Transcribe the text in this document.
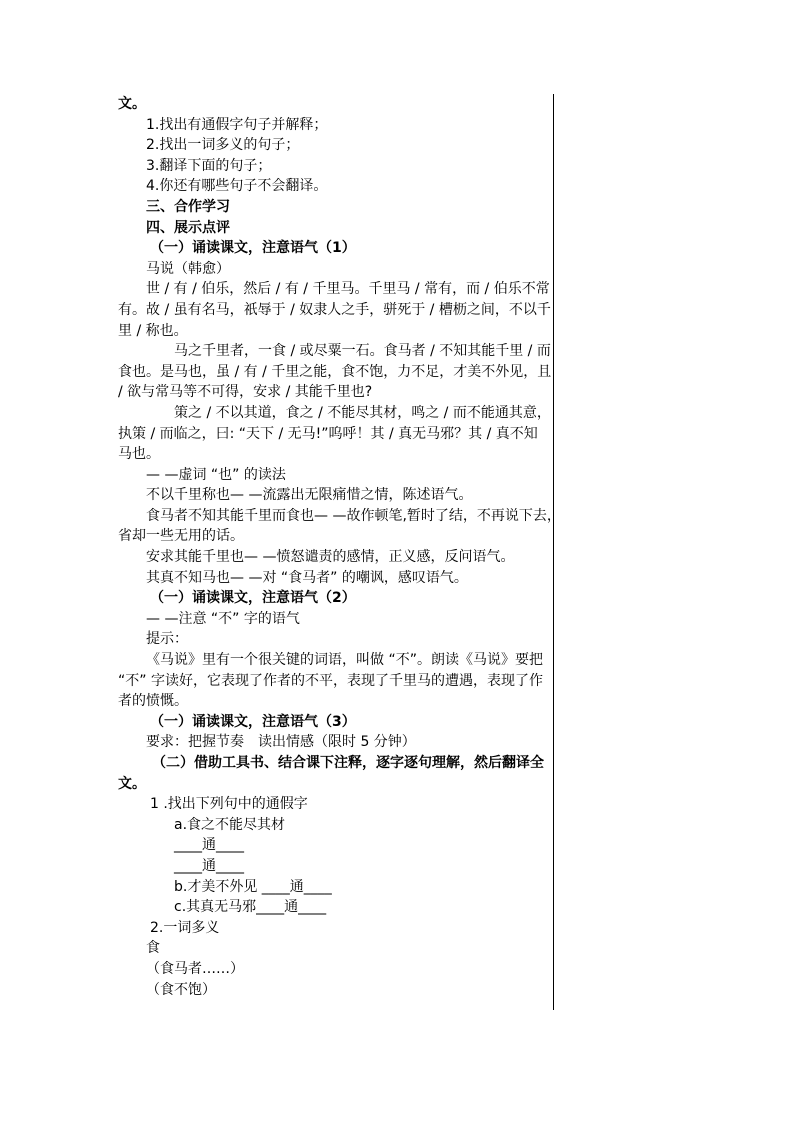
文。
1.找出有通假字句子并解释；
2.找出一词多义的句子；
3.翻译下面的句子；
4.你还有哪些句子不会翻译。
三、合作学习
四、展示点评
（一）诵读课文，注意语气（1）
马说（韩愈）
世 / 有 / 伯乐，然后 / 有 / 千里马。千里马 / 常有，而 / 伯乐不常
有。故 / 虽有名马，祇辱于 / 奴隶人之手，骈死于 / 槽枥之间，不以千
里 / 称也。
马之千里者，一食 / 或尽粟一石。食马者 / 不知其能千里 / 而
食也。是马也，虽 / 有 / 千里之能，食不饱，力不足，才美不外见，且
/ 欲与常马等不可得，安求 / 其能千里也?
策之 / 不以其道，食之 / 不能尽其材，鸣之 / 而不能通其意，
执策 / 而临之，曰: “天下 / 无马!”呜呼！其 / 真无马邪？其 / 真不知
马也。
— —虚词 “也” 的读法
不以千里称也— —流露出无限痛惜之情，陈述语气。
食马者不知其能千里而食也— —故作顿笔,暂时了结，不再说下去，
省却一些无用的话。
安求其能千里也— —愤怒谴责的感情，正义感，反问语气。
其真不知马也— —对 “食马者” 的嘲讽，感叹语气。
（一）诵读课文，注意语气（2）
— —注意 “不” 字的语气
提示：
《马说》里有一个很关键的词语，叫做 “不”。朗读《马说》要把
“不” 字读好，它表现了作者的不平，表现了千里马的遭遇，表现了作
者的愤慨。
（一）诵读课文，注意语气（3）
要求：把握节奏　读出情感（限时 5 分钟）
（二）借助工具书、结合课下注释，逐字逐句理解，然后翻译全
文。
1 .找出下列句中的通假字
a.食之不能尽其材
____通____
____通____
b.才美不外见 ____通____
c.其真无马邪____通____
2.一词多义
食
（食马者……）
（食不饱）
